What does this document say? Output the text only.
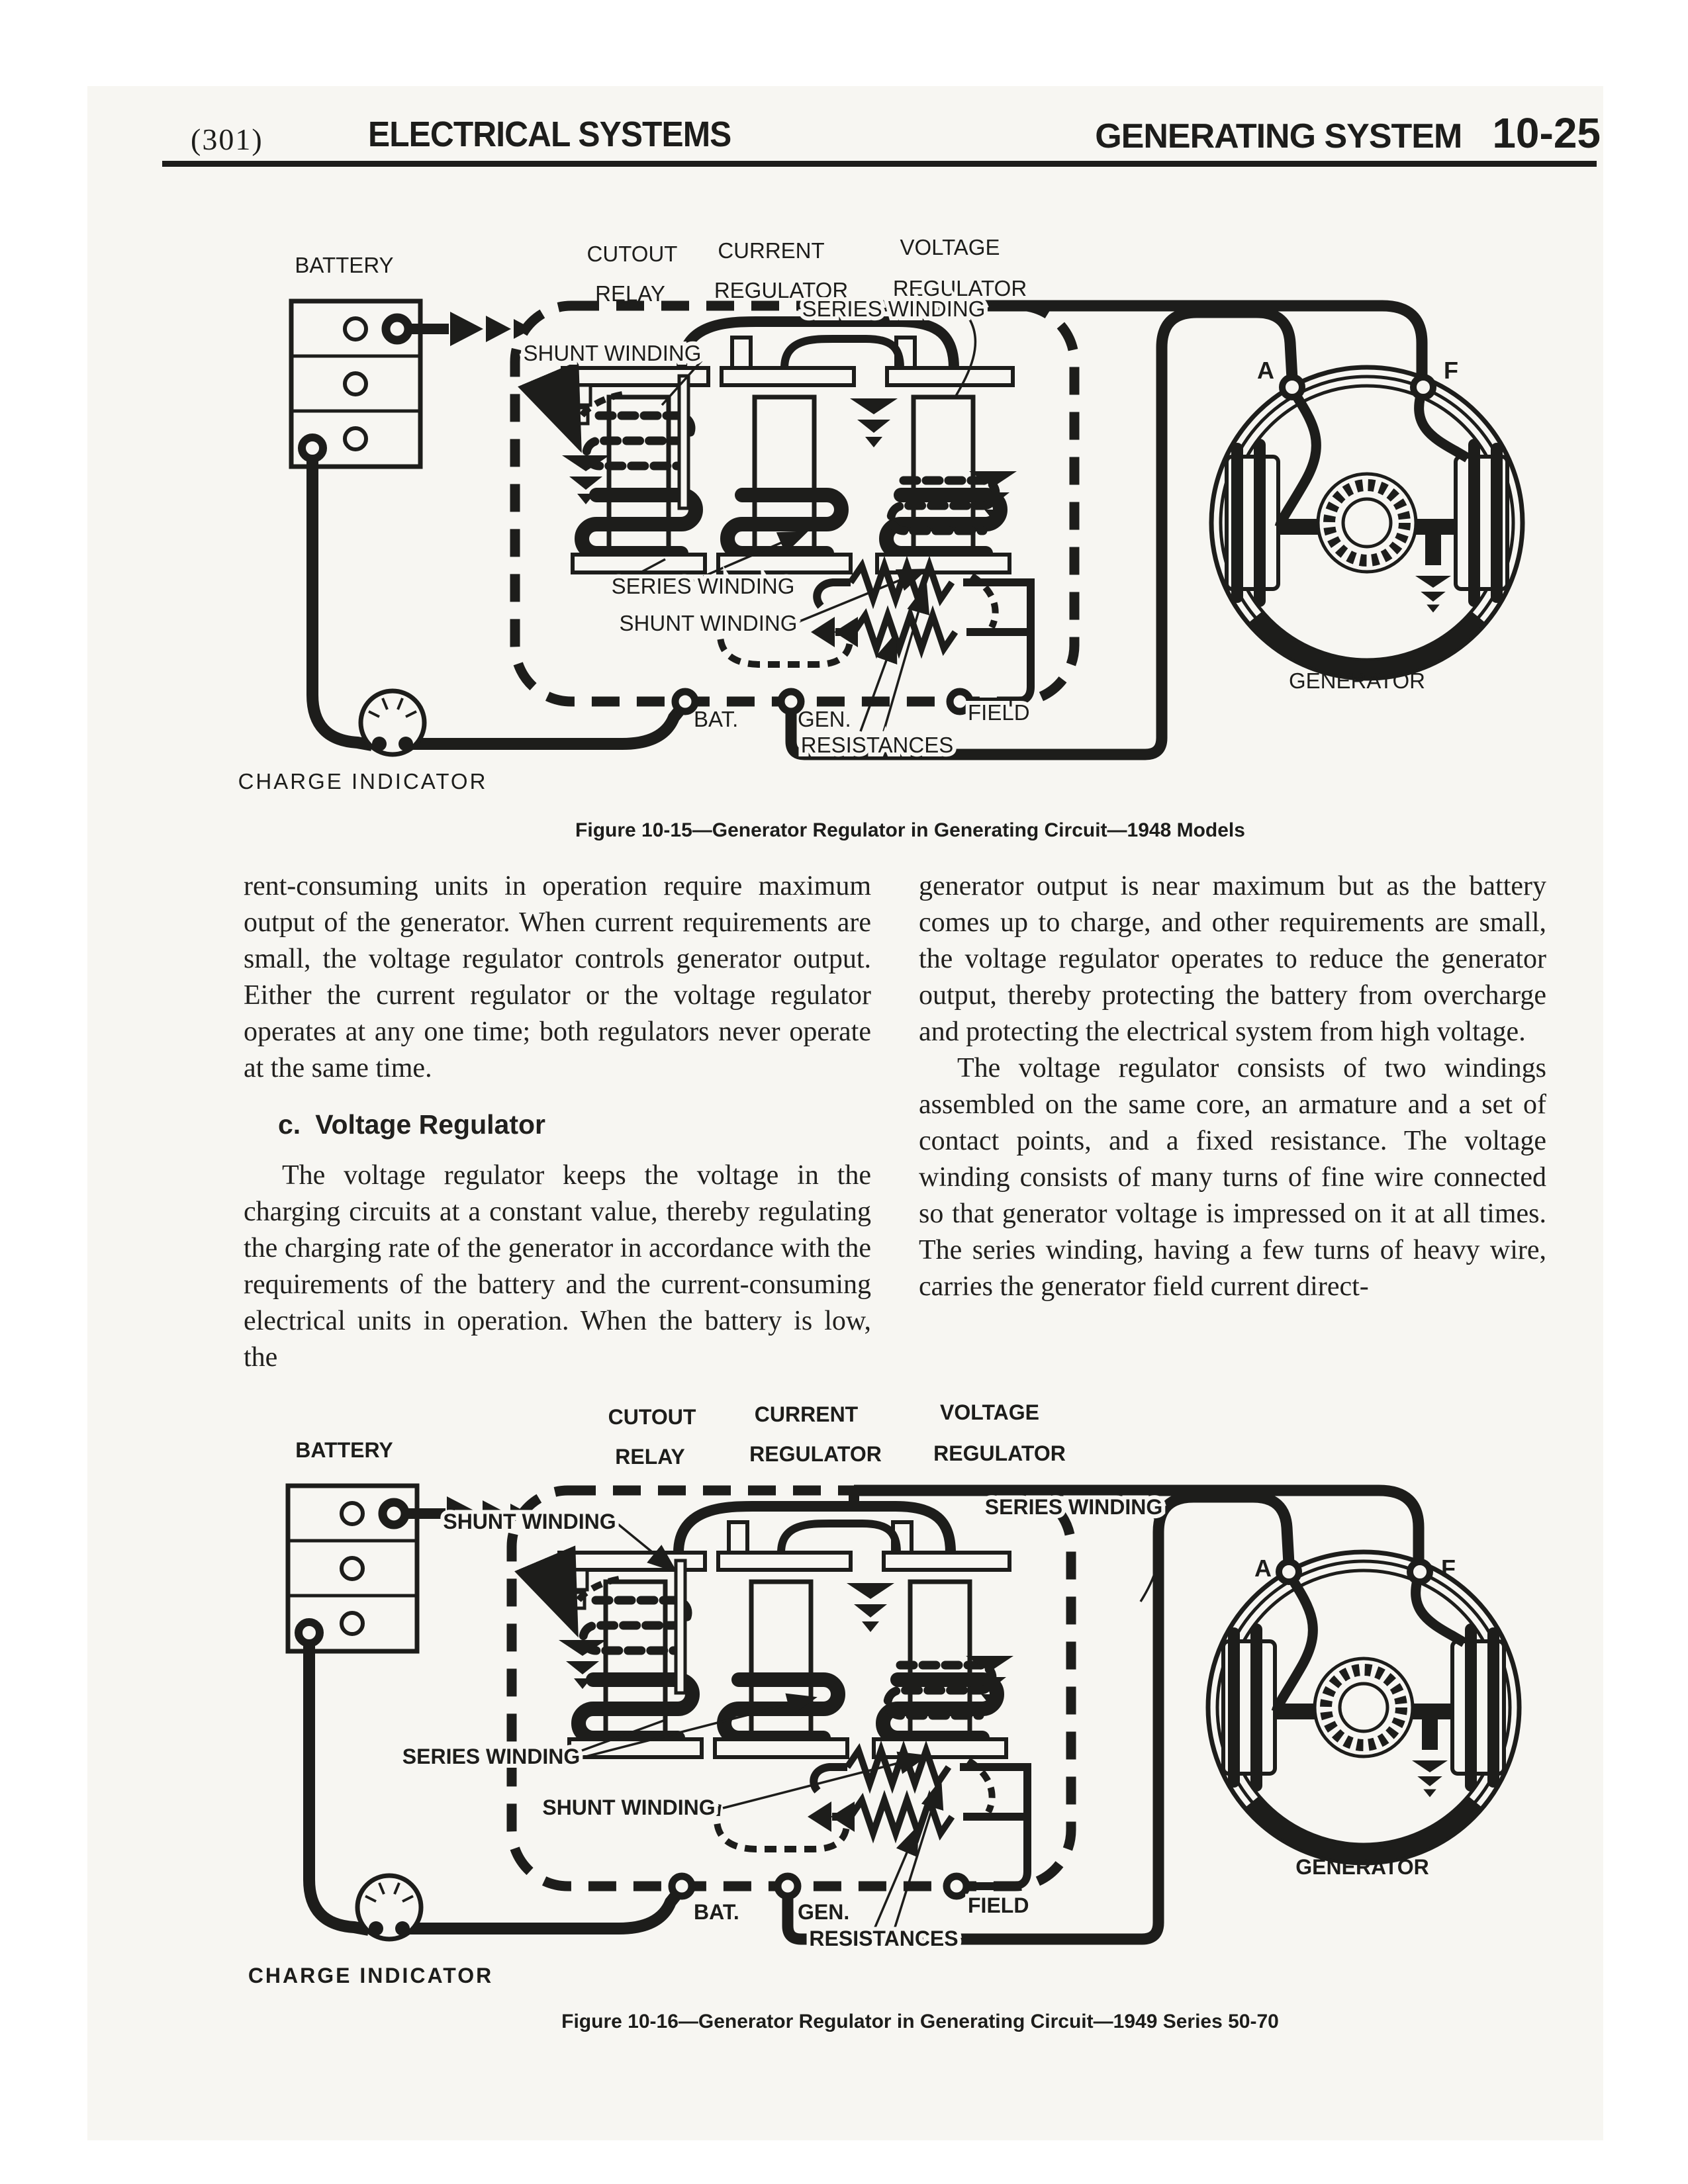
(301)	ELECTRICAL SYSTEMS	GENERATING SYSTEM 10-25
BATTERY	CUTOUT
RELAY
CURRENT
REGULATOR
VOLTAGE
REGULATOR
SERIES WINDING
SHUNT WINDING
SERIES WINDING
SHUNT WINDING
BAT.	GEN.	FIELD
RESISTANCES
GENERATOR
CHARGE INDICATOR
A	F
Figure 10-15—Generator Regulator in Generating Circuit—1948 Models

rent-consuming units in operation require maximum output of the generator. When current requirements are small, the voltage regulator controls generator output. Either the current regulator or the voltage regulator operates at any one time; both regulators never operate at the same time.

c. Voltage Regulator

The voltage regulator keeps the voltage in the charging circuits at a constant value, thereby regulating the charging rate of the generator in accordance with the requirements of the battery and the current-consuming electrical units in operation. When the battery is low, the

generator output is near maximum but as the battery comes up to charge, and other requirements are small, the voltage regulator operates to reduce the generator output, thereby protecting the battery from overcharge and protecting the electrical system from high voltage.

The voltage regulator consists of two windings assembled on the same core, an armature and a set of contact points, and a fixed resistance. The voltage winding consists of many turns of fine wire connected so that generator voltage is impressed on it at all times. The series winding, having a few turns of heavy wire, carries the generator field current direct-

BATTERY
CUTOUT
RELAY
CURRENT
REGULATOR
VOLTAGE
REGULATOR
SERIES WINDING
SHUNT WINDING
SERIES WINDING
SHUNT WINDING
BAT.	GEN.	FIELD
RESISTANCES
GENERATOR
CHARGE INDICATOR
A	F
Figure 10-16—Generator Regulator in Generating Circuit—1949 Series 50-70
